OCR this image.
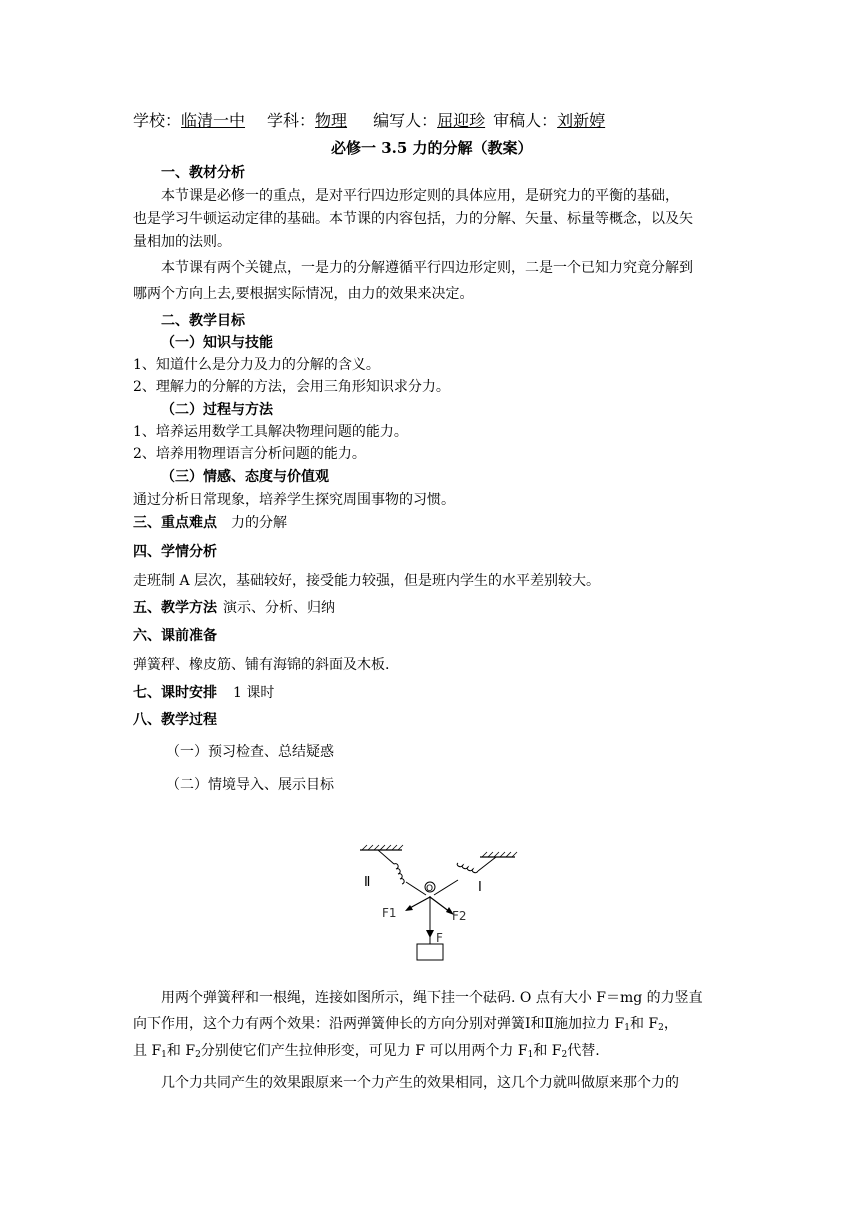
学校：临清一中 学科：物理 编写人：屈迎珍 审稿人：刘新婷
必修一 3.5 力的分解（教案）
一、教材分析
本节课是必修一的重点，是对平行四边形定则的具体应用，是研究力的平衡的基础，
也是学习牛顿运动定律的基础。本节课的内容包括，力的分解、矢量、标量等概念，以及矢
量相加的法则。
本节课有两个关键点，一是力的分解遵循平行四边形定则，二是一个已知力究竟分解到
哪两个方向上去,要根据实际情况，由力的效果来决定。
二、教学目标
（一）知识与技能
1、知道什么是分力及力的分解的含义。
2、理解力的分解的方法，会用三角形知识求分力。
（二）过程与方法
1、培养运用数学工具解决物理问题的能力。
2、培养用物理语言分析问题的能力。
（三）情感、态度与价值观
通过分析日常现象，培养学生探究周围事物的习惯。
三、重点难点 力的分解
四、学情分析
走班制 A 层次，基础较好，接受能力较强，但是班内学生的水平差别较大。
五、教学方法 演示、分析、归纳
六、课前准备
弹簧秤、橡皮筋、铺有海锦的斜面及木板.
七、课时安排 1 课时
八、教学过程
（一）预习检查、总结疑惑
（二）情境导入、展示目标
Ⅱ	I
O
F1	F2
F
用两个弹簧秤和一根绳，连接如图所示，绳下挂一个砝码. O 点有大小 F＝mg 的力竖直
向下作用，这个力有两个效果：沿两弹簧伸长的方向分别对弹簧Ⅰ和Ⅱ施加拉力 $F_1$和 $F_2$，
且 $F_1$和 $F_2$分别使它们产生拉伸形变，可见力 F 可以用两个力 $F_1$和 $F_2$代替.
几个力共同产生的效果跟原来一个力产生的效果相同，这几个力就叫做原来那个力的
